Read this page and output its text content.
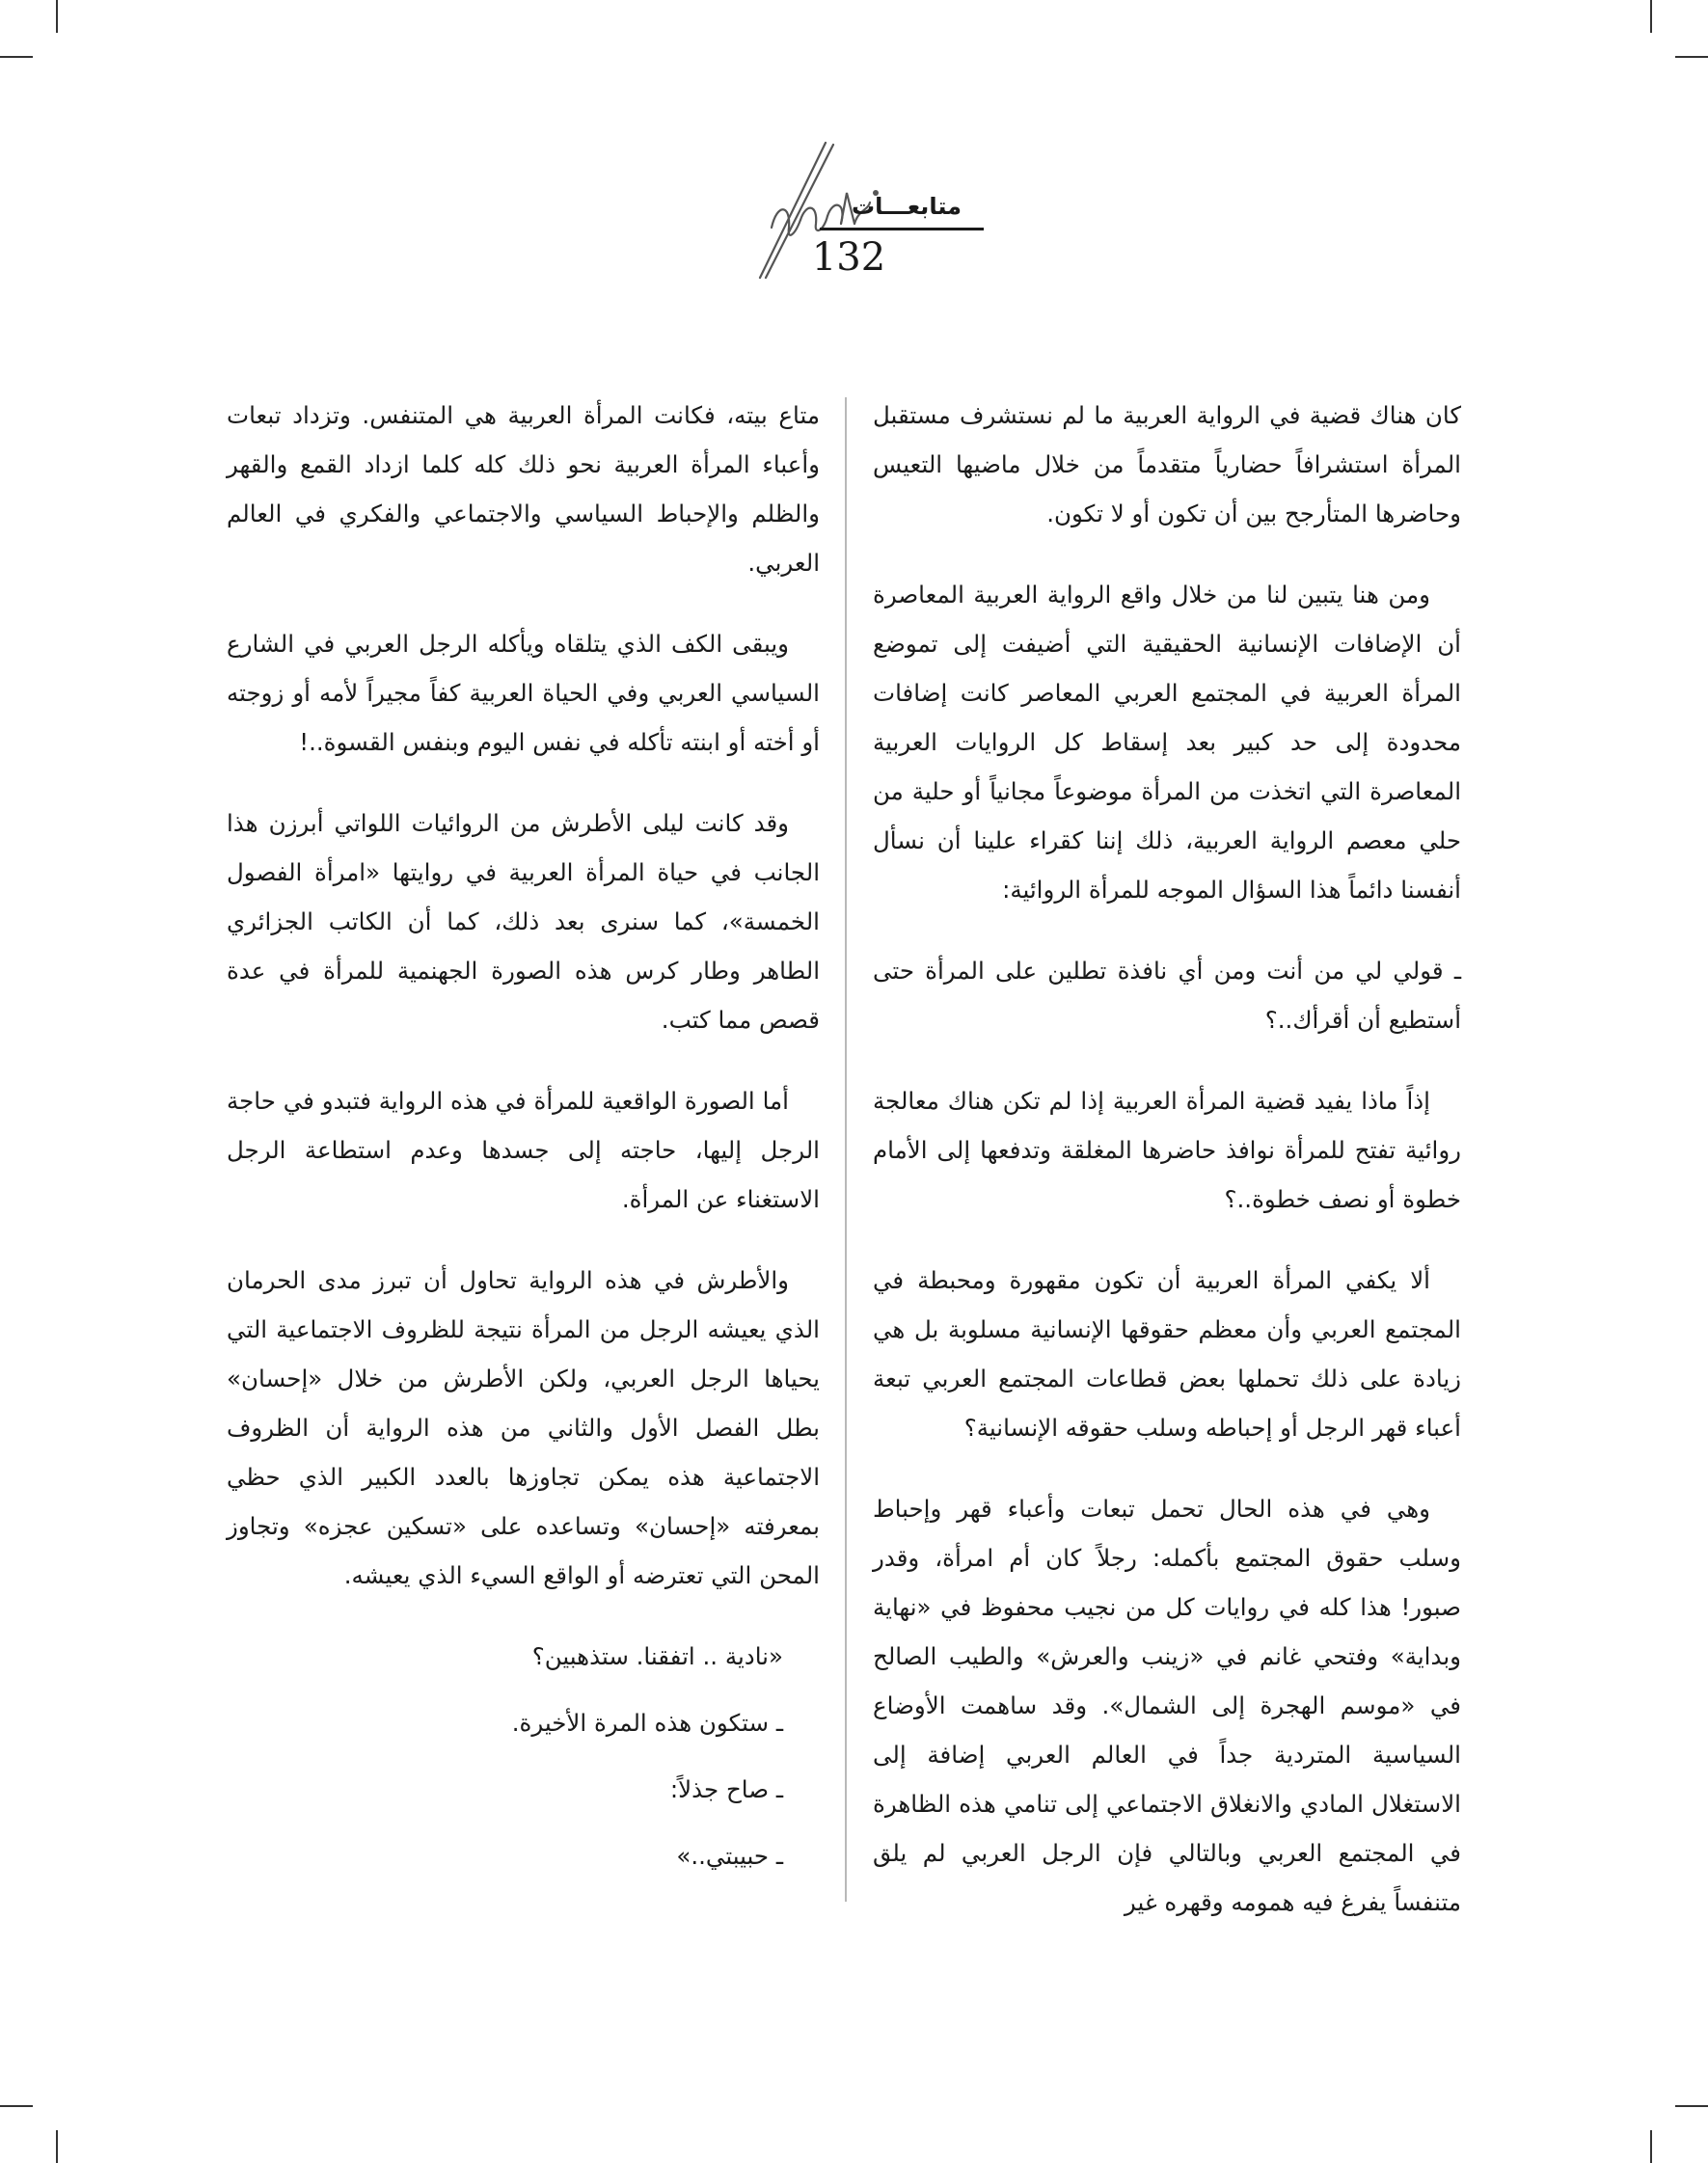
متابعـــات
132

كان هناك قضية في الرواية العربية ما لم نستشرف مستقبل المرأة استشرافاً حضارياً متقدماً من خلال ماضيها التعيس وحاضرها المتأرجح بين أن تكون أو لا تكون.

ومن هنا يتبين لنا من خلال واقع الرواية العربية المعاصرة أن الإضافات الإنسانية الحقيقية التي أضيفت إلى تموضع المرأة العربية في المجتمع العربي المعاصر كانت إضافات محدودة إلى حد كبير بعد إسقاط كل الروايات العربية المعاصرة التي اتخذت من المرأة موضوعاً مجانياً أو حلية من حلي معصم الرواية العربية، ذلك إننا كقراء علينا أن نسأل أنفسنا دائماً هذا السؤال الموجه للمرأة الروائية:

ـ قولي لي من أنت ومن أي نافذة تطلين على المرأة حتى أستطيع أن أقرأك..؟

إذاً ماذا يفيد قضية المرأة العربية إذا لم تكن هناك معالجة روائية تفتح للمرأة نوافذ حاضرها المغلقة وتدفعها إلى الأمام خطوة أو نصف خطوة..؟

ألا يكفي المرأة العربية أن تكون مقهورة ومحبطة في المجتمع العربي وأن معظم حقوقها الإنسانية مسلوبة بل هي زيادة على ذلك تحملها بعض قطاعات المجتمع العربي تبعة أعباء قهر الرجل أو إحباطه وسلب حقوقه الإنسانية؟

وهي في هذه الحال تحمل تبعات وأعباء قهر وإحباط وسلب حقوق المجتمع بأكمله: رجلاً كان أم امرأة، وقدر صبور! هذا كله في روايات كل من نجيب محفوظ في «نهاية وبداية» وفتحي غانم في «زينب والعرش» والطيب الصالح في «موسم الهجرة إلى الشمال». وقد ساهمت الأوضاع السياسية المتردية جداً في العالم العربي إضافة إلى الاستغلال المادي والانغلاق الاجتماعي إلى تنامي هذه الظاهرة في المجتمع العربي وبالتالي فإن الرجل العربي لم يلق متنفساً يفرغ فيه همومه وقهره غير

متاع بيته، فكانت المرأة العربية هي المتنفس. وتزداد تبعات وأعباء المرأة العربية نحو ذلك كله كلما ازداد القمع والقهر والظلم والإحباط السياسي والاجتماعي والفكري في العالم العربي.

ويبقى الكف الذي يتلقاه ويأكله الرجل العربي في الشارع السياسي العربي وفي الحياة العربية كفاً مجيراً لأمه أو زوجته أو أخته أو ابنته تأكله في نفس اليوم وبنفس القسوة..!

وقد كانت ليلى الأطرش من الروائيات اللواتي أبرزن هذا الجانب في حياة المرأة العربية في روايتها «امرأة الفصول الخمسة»، كما سنرى بعد ذلك، كما أن الكاتب الجزائري الطاهر وطار كرس هذه الصورة الجهنمية للمرأة في عدة قصص مما كتب.

أما الصورة الواقعية للمرأة في هذه الرواية فتبدو في حاجة الرجل إليها، حاجته إلى جسدها وعدم استطاعة الرجل الاستغناء عن المرأة.

والأطرش في هذه الرواية تحاول أن تبرز مدى الحرمان الذي يعيشه الرجل من المرأة نتيجة للظروف الاجتماعية التي يحياها الرجل العربي، ولكن الأطرش من خلال «إحسان» بطل الفصل الأول والثاني من هذه الرواية أن الظروف الاجتماعية هذه يمكن تجاوزها بالعدد الكبير الذي حظي بمعرفته «إحسان» وتساعده على «تسكين عجزه» وتجاوز المحن التي تعترضه أو الواقع السيء الذي يعيشه.

«نادية .. اتفقنا. ستذهبين؟

ـ ستكون هذه المرة الأخيرة.

ـ صاح جذلاً:

ـ حبيبتي..»
